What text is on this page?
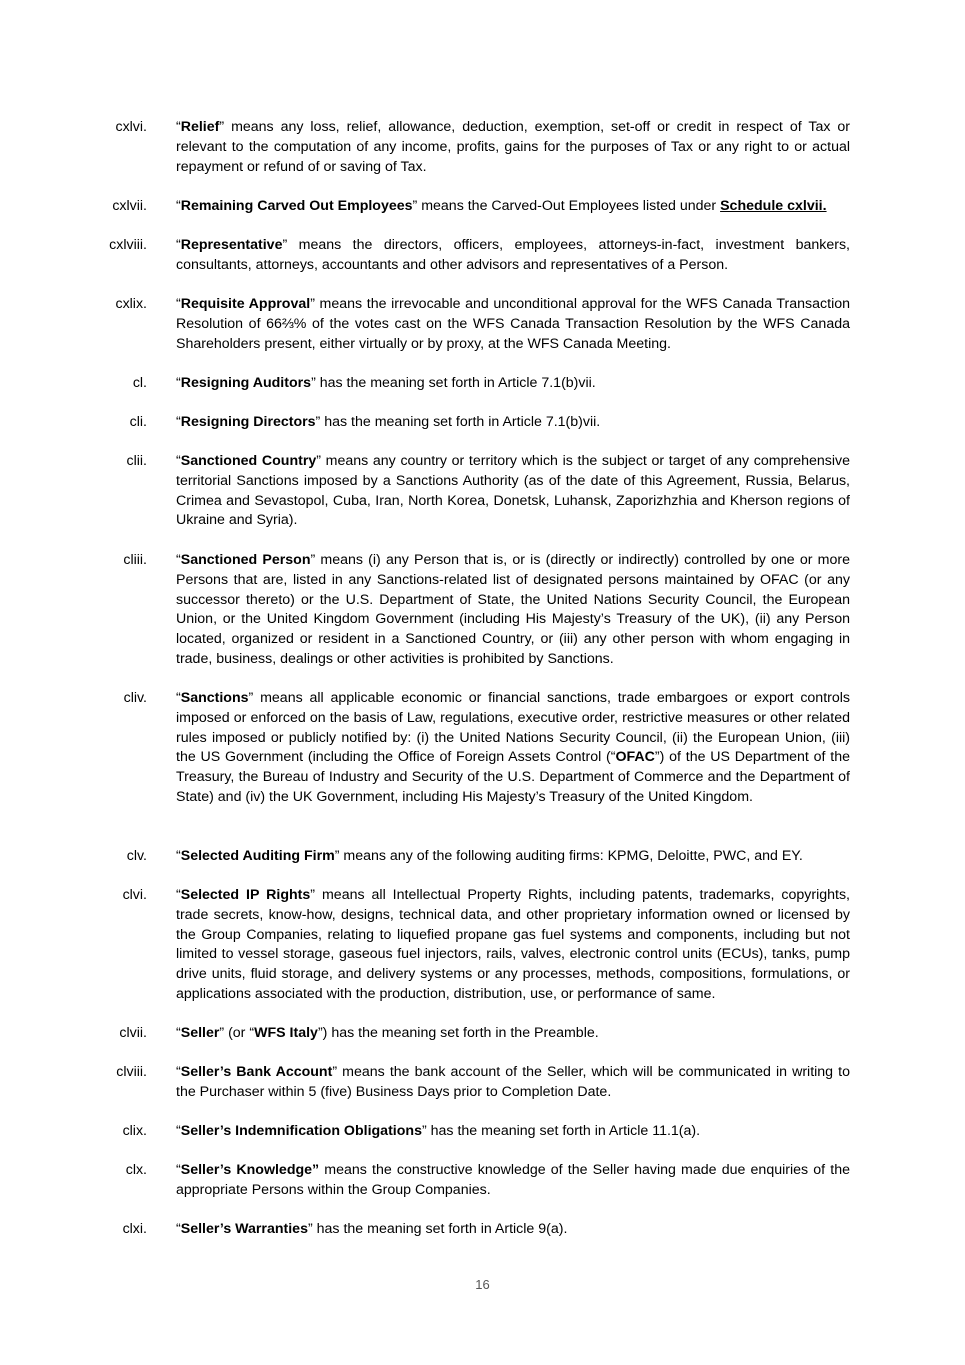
cxlvi. “Relief” means any loss, relief, allowance, deduction, exemption, set-off or credit in respect of Tax or relevant to the computation of any income, profits, gains for the purposes of Tax or any right to or actual repayment or refund of or saving of Tax.
cxlvii. “Remaining Carved Out Employees” means the Carved-Out Employees listed under Schedule cxlvii.
cxlviii. “Representative” means the directors, officers, employees, attorneys-in-fact, investment bankers, consultants, attorneys, accountants and other advisors and representatives of a Person.
cxlix. “Requisite Approval” means the irrevocable and unconditional approval for the WFS Canada Transaction Resolution of 66⅔% of the votes cast on the WFS Canada Transaction Resolution by the WFS Canada Shareholders present, either virtually or by proxy, at the WFS Canada Meeting.
cl. “Resigning Auditors” has the meaning set forth in Article 7.1(b)vii.
cli. “Resigning Directors” has the meaning set forth in Article 7.1(b)vii.
clii. “Sanctioned Country” means any country or territory which is the subject or target of any comprehensive territorial Sanctions imposed by a Sanctions Authority (as of the date of this Agreement, Russia, Belarus, Crimea and Sevastopol, Cuba, Iran, North Korea, Donetsk, Luhansk, Zaporizhzhia and Kherson regions of Ukraine and Syria).
cliii. “Sanctioned Person” means (i) any Person that is, or is (directly or indirectly) controlled by one or more Persons that are, listed in any Sanctions-related list of designated persons maintained by OFAC (or any successor thereto) or the U.S. Department of State, the United Nations Security Council, the European Union, or the United Kingdom Government (including His Majesty’s Treasury of the UK), (ii) any Person located, organized or resident in a Sanctioned Country, or (iii) any other person with whom engaging in trade, business, dealings or other activities is prohibited by Sanctions.
cliv. “Sanctions” means all applicable economic or financial sanctions, trade embargoes or export controls imposed or enforced on the basis of Law, regulations, executive order, restrictive measures or other related rules imposed or publicly notified by: (i) the United Nations Security Council, (ii) the European Union, (iii) the US Government (including the Office of Foreign Assets Control (“OFAC”) of the US Department of the Treasury, the Bureau of Industry and Security of the U.S. Department of Commerce and the Department of State) and (iv) the UK Government, including His Majesty’s Treasury of the United Kingdom.
clv. “Selected Auditing Firm” means any of the following auditing firms: KPMG, Deloitte, PWC, and EY.
clvi. “Selected IP Rights” means all Intellectual Property Rights, including patents, trademarks, copyrights, trade secrets, know-how, designs, technical data, and other proprietary information owned or licensed by the Group Companies, relating to liquefied propane gas fuel systems and components, including but not limited to vessel storage, gaseous fuel injectors, rails, valves, electronic control units (ECUs), tanks, pump drive units, fluid storage, and delivery systems or any processes, methods, compositions, formulations, or applications associated with the production, distribution, use, or performance of same.
clvii. “Seller” (or “WFS Italy”) has the meaning set forth in the Preamble.
clviii. “Seller’s Bank Account” means the bank account of the Seller, which will be communicated in writing to the Purchaser within 5 (five) Business Days prior to Completion Date.
clix. “Seller’s Indemnification Obligations” has the meaning set forth in Article 11.1(a).
clx. “Seller’s Knowledge” means the constructive knowledge of the Seller having made due enquiries of the appropriate Persons within the Group Companies.
clxi. “Seller’s Warranties” has the meaning set forth in Article 9(a).
16
